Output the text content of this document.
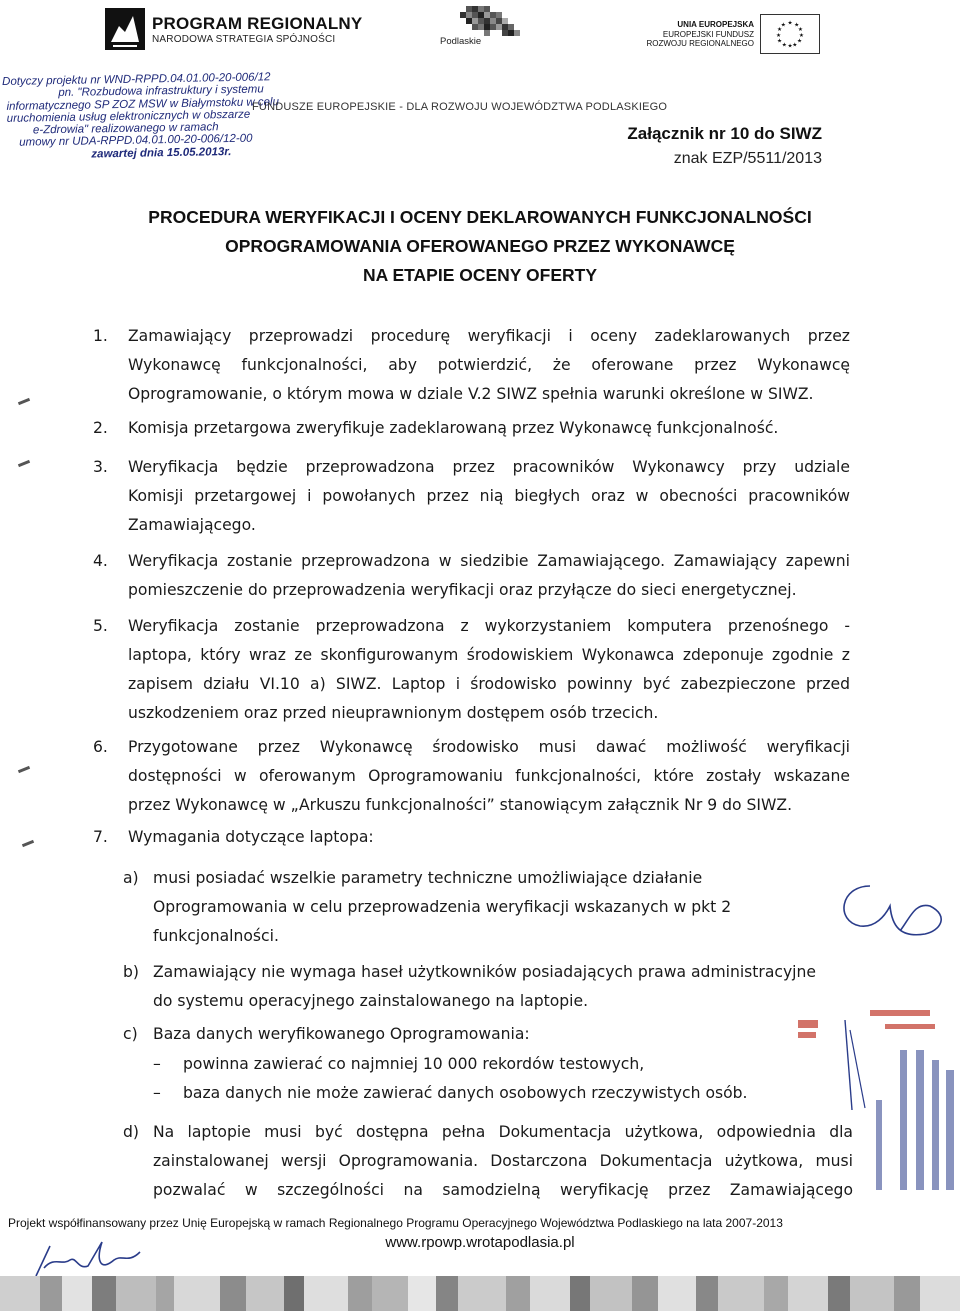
PROGRAM REGIONALNY
NARODOWA STRATEGIA SPÓJNOŚCI	Podlaskie
UNIA EUROPEJSKA
EUROPEJSKI FUNDUSZ
ROZWOJU REGIONALNEGO
★ ★
★
★
★
★
★
★
★
★
★
★
Dotyczy projektu nr WND-RPPD.04.01.00-20-006/12
pn. "Rozbudowa infrastruktury i systemu
informatycznego SP ZOZ MSW w Białymstoku w celu
uruchomienia usług elektronicznych w obszarze
e-Zdrowia" realizowanego w ramach
umowy nr UDA-RPPD.04.01.00-20-006/12-00
zawartej dnia 15.05.2013r.
FUNDUSZE EUROPEJSKIE - DLA ROZWOJU WOJEWÓDZTWA PODLASKIEGO
Załącznik nr 10 do SIWZ
znak EZP/5511/2013
PROCEDURA WERYFIKACJI I OCENY DEKLAROWANYCH FUNKCJONALNOŚCI
OPROGRAMOWANIA OFEROWANEGO PRZEZ WYKONAWCĘ
NA ETAPIE OCENY OFERTY
1. Zamawiający przeprowadzi procedurę weryfikacji i oceny zadeklarowanych przez
Wykonawcę funkcjonalności, aby potwierdzić, że oferowane przez Wykonawcę
Oprogramowanie, o którym mowa w dziale V.2 SIWZ spełnia warunki określone w SIWZ.
2. Komisja przetargowa zweryfikuje zadeklarowaną przez Wykonawcę funkcjonalność.
3. Weryfikacja będzie przeprowadzona przez pracowników Wykonawcy przy udziale
Komisji przetargowej i powołanych przez nią biegłych oraz w obecności pracowników
Zamawiającego.
4. Weryfikacja zostanie przeprowadzona w siedzibie Zamawiającego. Zamawiający zapewni
pomieszczenie do przeprowadzenia weryfikacji oraz przyłącze do sieci energetycznej.
5. Weryfikacja zostanie przeprowadzona z wykorzystaniem komputera przenośnego -
laptopa, który wraz ze skonfigurowanym środowiskiem Wykonawca zdeponuje zgodnie z
zapisem działu VI.10 a) SIWZ. Laptop i środowisko powinny być zabezpieczone przed
uszkodzeniem oraz przed nieuprawnionym dostępem osób trzecich.
6. Przygotowane przez Wykonawcę środowisko musi dawać możliwość weryfikacji
dostępności w oferowanym Oprogramowaniu funkcjonalności, które zostały wskazane
przez Wykonawcę w „Arkuszu funkcjonalności” stanowiącym załącznik Nr 9 do SIWZ.
7. Wymagania dotyczące laptopa:
a) musi posiadać wszelkie parametry techniczne umożliwiające działanie
Oprogramowania w celu przeprowadzenia weryfikacji wskazanych w pkt 2
funkcjonalności.
b) Zamawiający nie wymaga haseł użytkowników posiadających prawa administracyjne
do systemu operacyjnego zainstalowanego na laptopie.
c) Baza danych weryfikowanego Oprogramowania:
– powinna zawierać co najmniej 10 000 rekordów testowych,
– baza danych nie może zawierać danych osobowych rzeczywistych osób.
d) Na laptopie musi być dostępna pełna Dokumentacja użytkowa, odpowiednia dla
zainstalowanej wersji Oprogramowania. Dostarczona Dokumentacja użytkowa, musi
pozwalać w szczególności na samodzielną weryfikację przez Zamawiającego
Projekt współfinansowany przez Unię Europejską w ramach Regionalnego Programu Operacyjnego Województwa Podlaskiego na lata 2007-2013
www.rpowp.wrotapodlasia.pl
